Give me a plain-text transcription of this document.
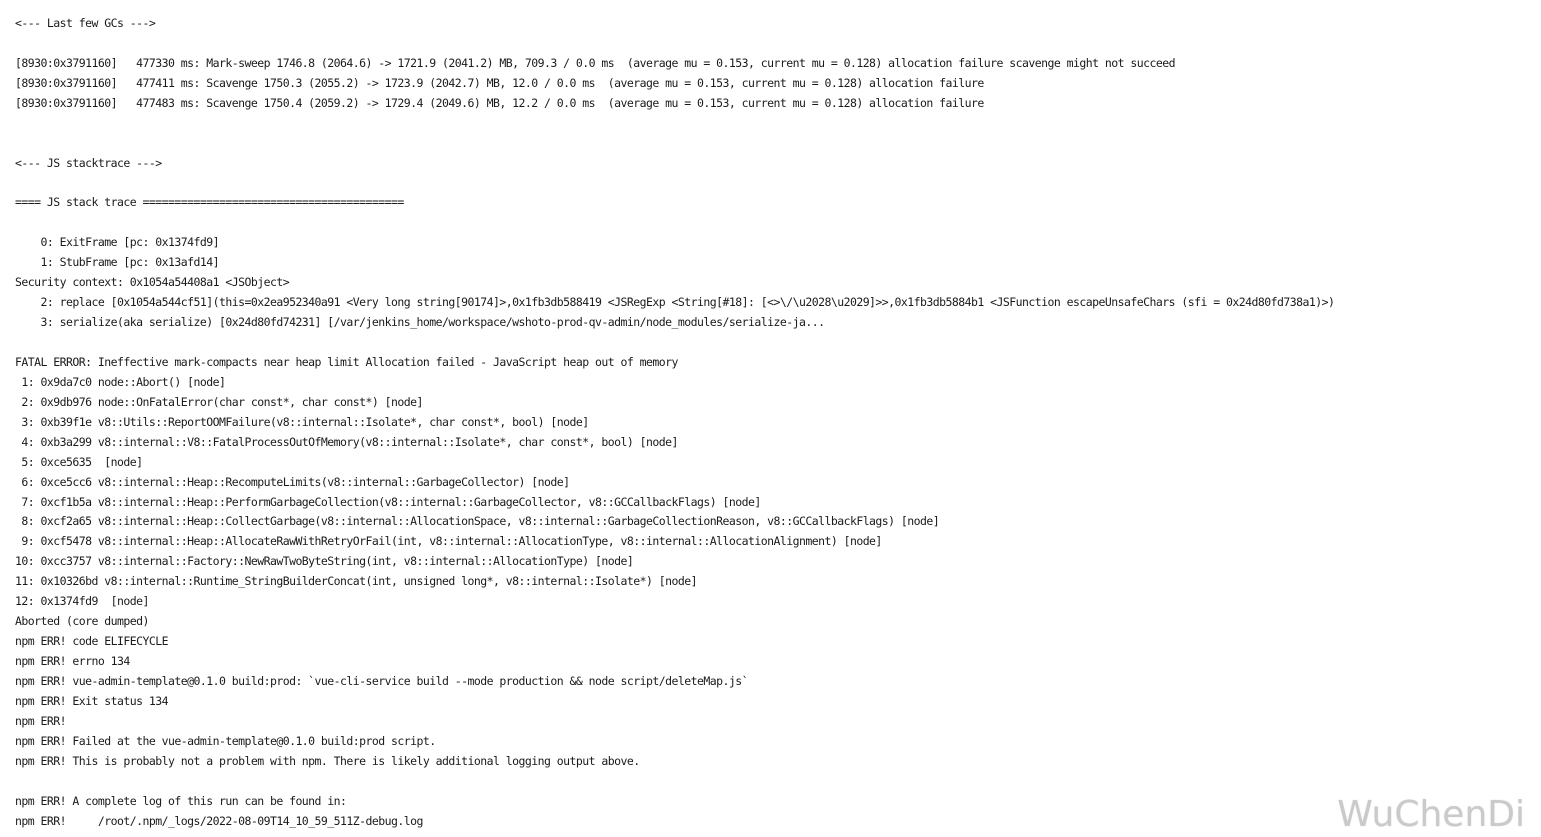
<--- Last few GCs --->

[8930:0x3791160]   477330 ms: Mark-sweep 1746.8 (2064.6) -> 1721.9 (2041.2) MB, 709.3 / 0.0 ms  (average mu = 0.153, current mu = 0.128) allocation failure scavenge might not succeed
[8930:0x3791160]   477411 ms: Scavenge 1750.3 (2055.2) -> 1723.9 (2042.7) MB, 12.0 / 0.0 ms  (average mu = 0.153, current mu = 0.128) allocation failure
[8930:0x3791160]   477483 ms: Scavenge 1750.4 (2059.2) -> 1729.4 (2049.6) MB, 12.2 / 0.0 ms  (average mu = 0.153, current mu = 0.128) allocation failure

<--- JS stacktrace --->

==== JS stack trace =========================================

0: ExitFrame [pc: 0x1374fd9]
1: StubFrame [pc: 0x13afd14]
Security context: 0x1054a54408a1 <JSObject>
2: replace [0x1054a544cf51](this=0x2ea952340a91 <Very long string[90174]>,0x1fb3db588419 <JSRegExp <String[#18]: [<>\/\u2028\u2029]>>,0x1fb3db5884b1 <JSFunction escapeUnsafeChars (sfi = 0x24d80fd738a1)>)
3: serialize(aka serialize) [0x24d80fd74231] [/var/jenkins_home/workspace/wshoto-prod-qv-admin/node_modules/serialize-ja...

FATAL ERROR: Ineffective mark-compacts near heap limit Allocation failed - JavaScript heap out of memory
1: 0x9da7c0 node::Abort() [node]
2: 0x9db976 node::OnFatalError(char const*, char const*) [node]
3: 0xb39f1e v8::Utils::ReportOOMFailure(v8::internal::Isolate*, char const*, bool) [node]
4: 0xb3a299 v8::internal::V8::FatalProcessOutOfMemory(v8::internal::Isolate*, char const*, bool) [node]
5: 0xce5635  [node]
6: 0xce5cc6 v8::internal::Heap::RecomputeLimits(v8::internal::GarbageCollector) [node]
7: 0xcf1b5a v8::internal::Heap::PerformGarbageCollection(v8::internal::GarbageCollector, v8::GCCallbackFlags) [node]
8: 0xcf2a65 v8::internal::Heap::CollectGarbage(v8::internal::AllocationSpace, v8::internal::GarbageCollectionReason, v8::GCCallbackFlags) [node]
9: 0xcf5478 v8::internal::Heap::AllocateRawWithRetryOrFail(int, v8::internal::AllocationType, v8::internal::AllocationAlignment) [node]
10: 0xcc3757 v8::internal::Factory::NewRawTwoByteString(int, v8::internal::AllocationType) [node]
11: 0x10326bd v8::internal::Runtime_StringBuilderConcat(int, unsigned long*, v8::internal::Isolate*) [node]
12: 0x1374fd9  [node]
Aborted (core dumped)
npm ERR! code ELIFECYCLE
npm ERR! errno 134
npm ERR! vue-admin-template@0.1.0 build:prod: `vue-cli-service build --mode production && node script/deleteMap.js`
npm ERR! Exit status 134
npm ERR!
npm ERR! Failed at the vue-admin-template@0.1.0 build:prod script.
npm ERR! This is probably not a problem with npm. There is likely additional logging output above.

npm ERR! A complete log of this run can be found in:
npm ERR!     /root/.npm/_logs/2022-08-09T14_10_59_511Z-debug.log	WuChenDi
